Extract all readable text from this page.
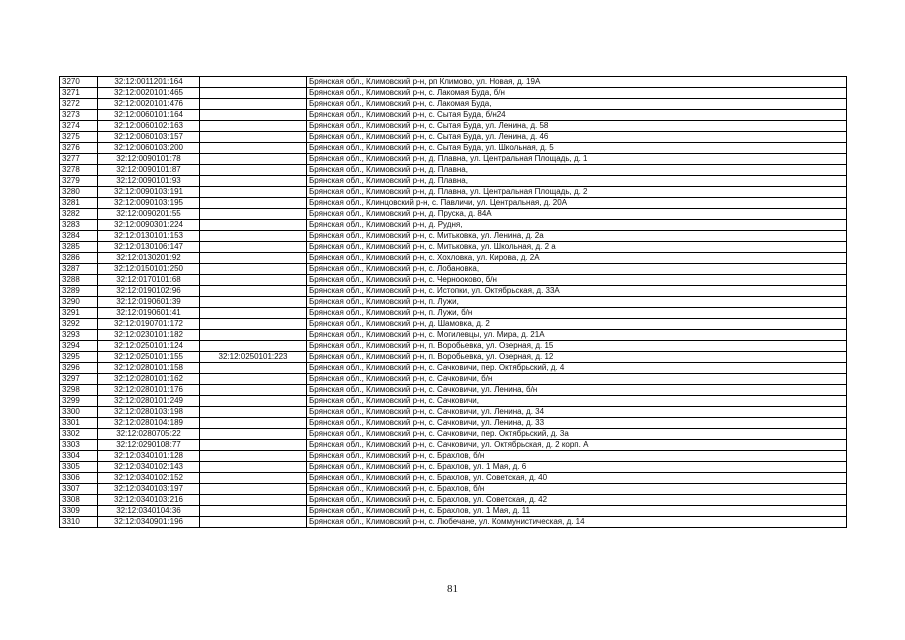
3270	32:12:0011201:164		Брянская обл., Климовский р-н, рп Климово, ул. Новая, д. 19А
3271	32:12:0020101:465		Брянская обл., Климовский р-н, с. Лакомая Буда, б/н
3272	32:12:0020101:476		Брянская обл., Климовский р-н, с. Лакомая Буда,
3273	32:12:0060101:164		Брянская обл., Климовский р-н, с. Сытая Буда, б/н24
3274	32:12:0060102:163		Брянская обл., Климовский р-н, с. Сытая Буда, ул. Ленина, д. 58
3275	32:12:0060103:157		Брянская обл., Климовский р-н, с. Сытая Буда, ул. Ленина, д. 46
3276	32:12:0060103:200		Брянская обл., Климовский р-н, с. Сытая Буда, ул. Школьная, д. 5
3277	32:12:0090101:78		Брянская обл., Климовский р-н, д. Плавна, ул. Центральная Площадь, д. 1
3278	32:12:0090101:87		Брянская обл., Климовский р-н, д. Плавна,
3279	32:12:0090101:93		Брянская обл., Климовский р-н, д. Плавна,
3280	32:12:0090103:191		Брянская обл., Климовский р-н, д. Плавна, ул. Центральная Площадь, д. 2
3281	32:12:0090103:195		Брянская обл., Клинцовский р-н, с. Павличи, ул. Центральная, д. 20А
3282	32:12:0090201:55		Брянская обл., Климовский р-н, д. Пруска, д. 84А
3283	32:12:0090301:224		Брянская обл., Климовский р-н, д. Рудня,
3284	32:12:0130101:153		Брянская обл., Климовский р-н, с. Митьковка, ул. Ленина, д. 2а
3285	32:12:0130106:147		Брянская обл., Климовский р-н, с. Митьковка, ул. Школьная, д. 2 а
3286	32:12:0130201:92		Брянская обл., Климовский р-н, с. Хохловка, ул. Кирова, д. 2А
3287	32:12:0150101:250		Брянская обл., Климовский р-н, с. Лобановка,
3288	32:12:0170101:68		Брянская обл., Климовский р-н, с. Чернооково, б/н
3289	32:12:0190102:96		Брянская обл., Климовский р-н, с. Истопки, ул. Октябрьская, д. 33А
3290	32:12:0190601:39		Брянская обл., Климовский р-н, п. Лужи,
3291	32:12:0190601:41		Брянская обл., Климовский р-н, п. Лужи, б/н
3292	32:12:0190701:172		Брянская обл., Климовский р-н, д. Шамовка, д. 2
3293	32:12:0230101:182		Брянская обл., Климовский р-н, с. Могилевцы, ул. Мира, д. 21А
3294	32:12:0250101:124		Брянская обл., Климовский р-н, п. Воробьевка, ул. Озерная, д. 15
3295	32:12:0250101:155	32:12:0250101:223	Брянская обл., Климовский р-н, п. Воробьевка, ул. Озерная, д. 12
3296	32:12:0280101:158		Брянская обл., Климовский р-н, с. Сачковичи, пер. Октябрьский, д. 4
3297	32:12:0280101:162		Брянская обл., Климовский р-н, с. Сачковичи, б/н
3298	32:12:0280101:176		Брянская обл., Климовский р-н, с. Сачковичи, ул. Ленина, б/н
3299	32:12:0280101:249		Брянская обл., Климовский р-н, с. Сачковичи,
3300	32:12:0280103:198		Брянская обл., Климовский р-н, с. Сачковичи, ул. Ленина, д. 34
3301	32:12:0280104:189		Брянская обл., Климовский р-н, с. Сачковичи, ул. Ленина, д. 33
3302	32:12:0280705:22		Брянская обл., Климовский р-н, с. Сачковичи, пер. Октябрьский, д. 3а
3303	32:12:0290108:77		Брянская обл., Климовский р-н, с. Сачковичи, ул. Октябрьская, д. 2 корп. А
3304	32:12:0340101:128		Брянская обл., Климовский р-н, с. Брахлов, б/н
3305	32:12:0340102:143		Брянская обл., Климовский р-н, с. Брахлов, ул. 1 Мая, д. 6
3306	32:12:0340102:152		Брянская обл., Климовский р-н, с. Брахлов, ул. Советская, д. 40
3307	32:12:0340103:197		Брянская обл., Климовский р-н, с. Брахлов, б/н
3308	32:12:0340103:216		Брянская обл., Климовский р-н, с. Брахлов, ул. Советская, д. 42
3309	32:12:0340104:36		Брянская обл., Климовский р-н, с. Брахлов, ул. 1 Мая, д. 11
3310	32:12:0340901:196		Брянская обл., Климовский р-н, с. Любечане, ул. Коммунистическая, д. 14
81
